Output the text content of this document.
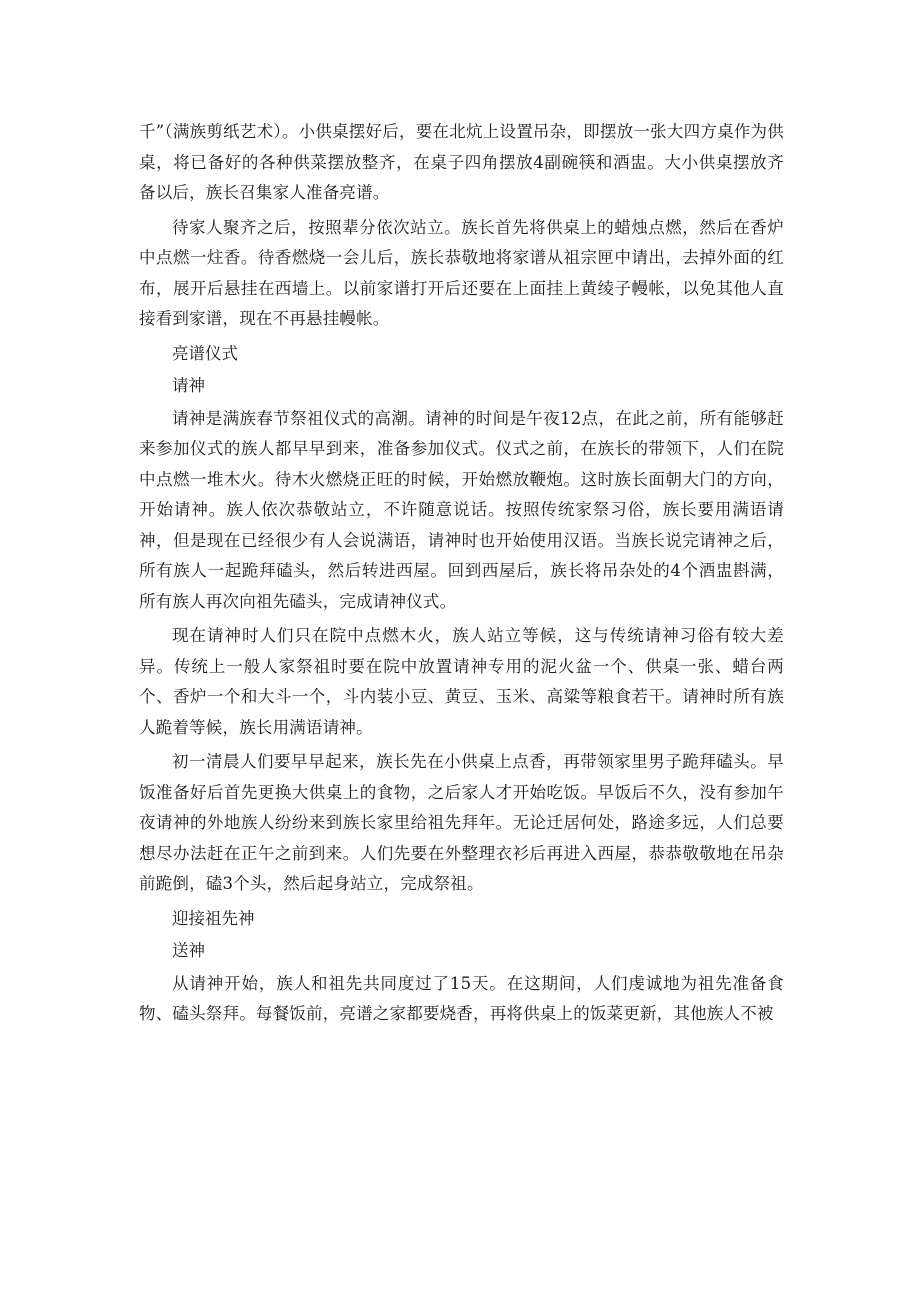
千”（满族剪纸艺术）。小供桌摆好后，要在北炕上设置吊杂，即摆放一张大四方桌作为供桌，将已备好的各种供菜摆放整齐，在桌子四角摆放4副碗筷和酒盅。大小供桌摆放齐备以后，族长召集家人准备亮谱。

待家人聚齐之后，按照辈分依次站立。族长首先将供桌上的蜡烛点燃，然后在香炉中点燃一炷香。待香燃烧一会儿后，族长恭敬地将家谱从祖宗匣中请出，去掉外面的红布，展开后悬挂在西墙上。以前家谱打开后还要在上面挂上黄绫子幔帐，以免其他人直接看到家谱，现在不再悬挂幔帐。

亮谱仪式

请神

请神是满族春节祭祖仪式的高潮。请神的时间是午夜12点，在此之前，所有能够赶来参加仪式的族人都早早到来，准备参加仪式。仪式之前，在族长的带领下，人们在院中点燃一堆木火。待木火燃烧正旺的时候，开始燃放鞭炮。这时族长面朝大门的方向，开始请神。族人依次恭敬站立，不许随意说话。按照传统家祭习俗，族长要用满语请神，但是现在已经很少有人会说满语，请神时也开始使用汉语。当族长说完请神之后，所有族人一起跪拜磕头，然后转进西屋。回到西屋后，族长将吊杂处的4个酒盅斟满，所有族人再次向祖先磕头，完成请神仪式。

现在请神时人们只在院中点燃木火，族人站立等候，这与传统请神习俗有较大差异。传统上一般人家祭祖时要在院中放置请神专用的泥火盆一个、供桌一张、蜡台两个、香炉一个和大斗一个，斗内装小豆、黄豆、玉米、高粱等粮食若干。请神时所有族人跪着等候，族长用满语请神。

初一清晨人们要早早起来，族长先在小供桌上点香，再带领家里男子跪拜磕头。早饭准备好后首先更换大供桌上的食物，之后家人才开始吃饭。早饭后不久，没有参加午夜请神的外地族人纷纷来到族长家里给祖先拜年。无论迁居何处，路途多远，人们总要想尽办法赶在正午之前到来。人们先要在外整理衣衫后再进入西屋，恭恭敬敬地在吊杂前跪倒，磕3个头，然后起身站立，完成祭祖。

迎接祖先神

送神

从请神开始，族人和祖先共同度过了15天。在这期间，人们虔诚地为祖先准备食物、磕头祭拜。每餐饭前，亮谱之家都要烧香，再将供桌上的饭菜更新，其他族人不被
